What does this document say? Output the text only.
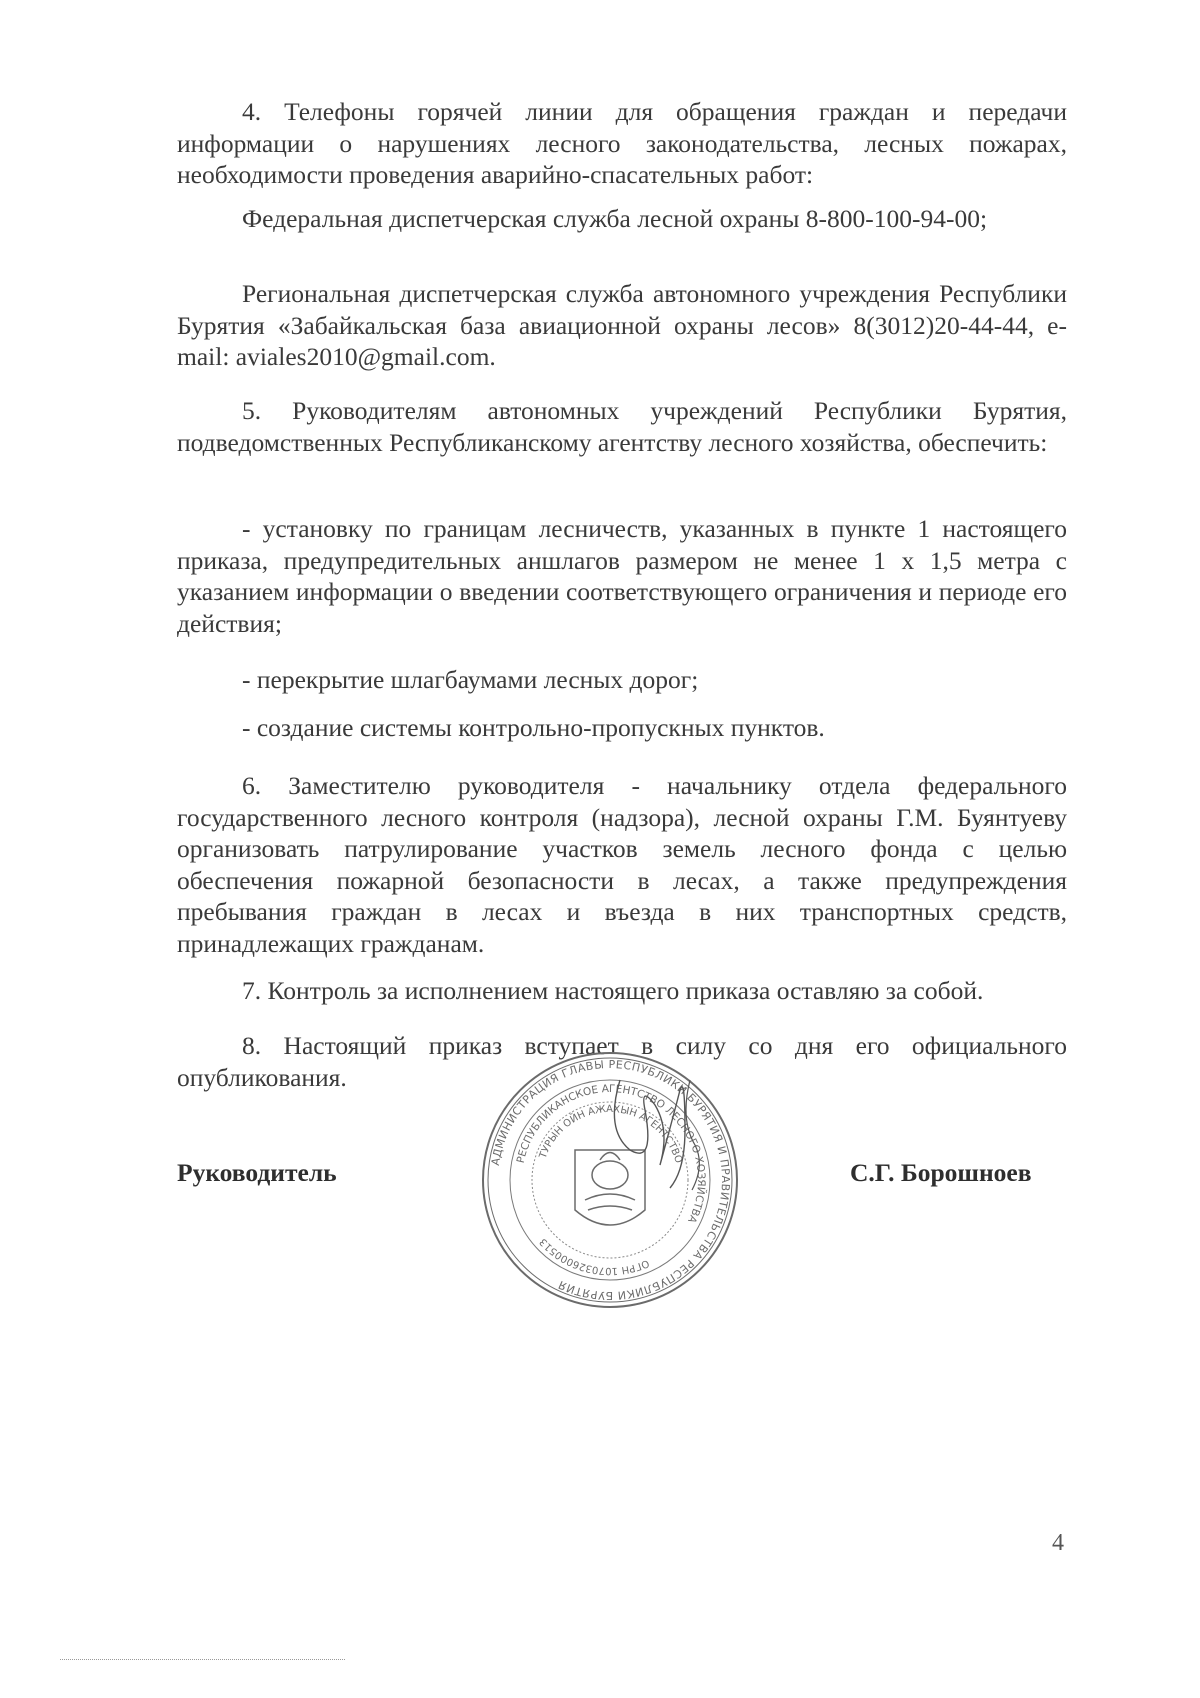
4. Телефоны горячей линии для обращения граждан и передачи информации о нарушениях лесного законодательства, лесных пожарах, необходимости проведения аварийно-спасательных работ:

Федеральная диспетчерская служба лесной охраны 8-800-100-94-00;

Региональная диспетчерская служба автономного учреждения Республики Бурятия «Забайкальская база авиационной охраны лесов» 8(3012)20-44-44, e-mail: aviales2010@gmail.com.

5. Руководителям автономных учреждений Республики Бурятия, подведомственных Республиканскому агентству лесного хозяйства, обеспечить:

- установку по границам лесничеств, указанных в пункте 1 настоящего приказа, предупредительных аншлагов размером не менее 1 х 1,5 метра с указанием информации о введении соответствующего ограничения и периоде его действия;

- перекрытие шлагбаумами лесных дорог;

- создание системы контрольно-пропускных пунктов.

6. Заместителю руководителя - начальнику отдела федерального государственного лесного контроля (надзора), лесной охраны Г.М. Буянтуеву организовать патрулирование участков земель лесного фонда с целью обеспечения пожарной безопасности в лесах, а также предупреждения пребывания граждан в лесах и въезда в них транспортных средств, принадлежащих гражданам.

7. Контроль за исполнением настоящего приказа оставляю за собой.

8. Настоящий приказ вступает в силу со дня его официального опубликования.

АДМИНИСТРАЦИЯ ГЛАВЫ РЕСПУБЛИКИ БУРЯТИЯ И ПРАВИТЕЛЬСТВА РЕСПУБЛИКИ БУРЯТИЯ
РЕСПУБЛИКАНСКОЕ АГЕНТСТВО ЛЕСНОГО ХОЗЯЙСТВА
ОГРН 1070326000513
ТУРЫН ОЙН АЖАХЫН АГЕНТСТВО
Руководитель	С.Г. Борошноев
4
